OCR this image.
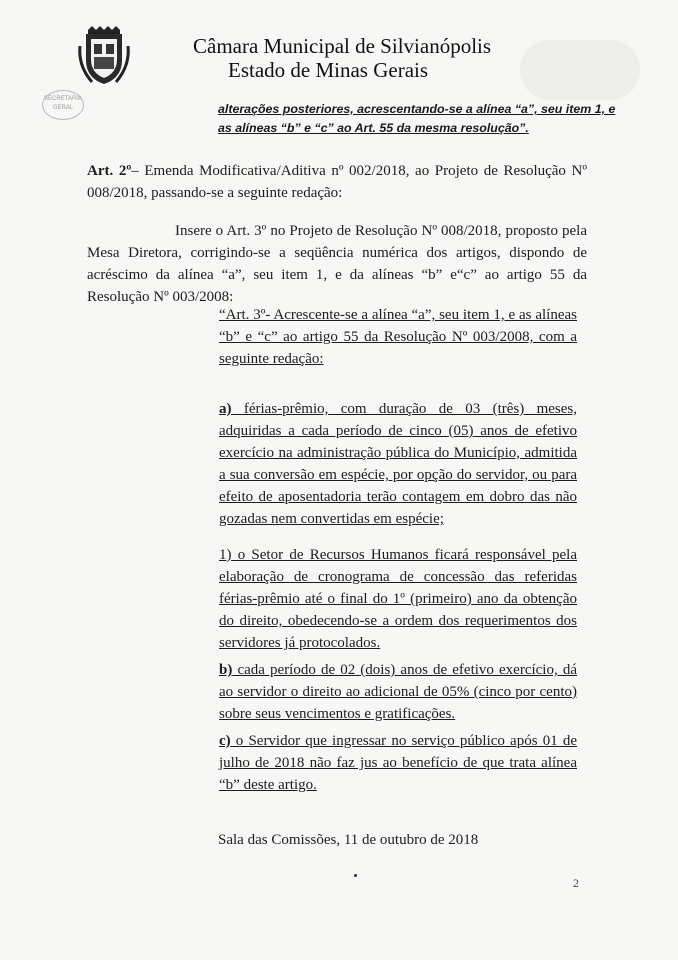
SECRETARIA GERAL
Câmara Municipal de Silvianópolis
Estado de Minas Gerais
alterações posteriores, acrescentando-se a alínea “a”, seu item 1, e as alíneas “b” e “c” ao Art. 55 da mesma resolução”.
Art. 2º– Emenda Modificativa/Aditiva nº 002/2018, ao Projeto de Resolução Nº 008/2018, passando-se a seguinte redação:
Insere o Art. 3º no Projeto de Resolução Nº 008/2018, proposto pela Mesa Diretora, corrigindo-se a seqüência numérica dos artigos, dispondo de acréscimo da alínea “a”, seu item 1, e da alíneas “b” e“c” ao artigo 55 da Resolução Nº 003/2008:
“Art. 3º- Acrescente-se a alínea “a”, seu item 1, e as alíneas “b” e “c” ao artigo 55 da Resolução Nº 003/2008, com a seguinte redação:
a) férias-prêmio, com duração de 03 (três) meses, adquiridas a cada período de cinco (05) anos de efetivo exercício na administração pública do Município, admitida a sua conversão em espécie, por opção do servidor, ou para efeito de aposentadoria terão contagem em dobro das não gozadas nem convertidas em espécie;
1) o Setor de Recursos Humanos ficará responsável pela elaboração de cronograma de concessão das referidas férias-prêmio até o final do 1º (primeiro) ano da obtenção do direito, obedecendo-se a ordem dos requerimentos dos servidores já protocolados.
b) cada período de 02 (dois) anos de efetivo exercício, dá ao servidor o direito ao adicional de 05% (cinco por cento) sobre seus vencimentos e gratificações.
c) o Servidor que ingressar no serviço público após 01 de julho de 2018 não faz jus ao benefício de que trata alínea “b” deste artigo.
Sala das Comissões, 11 de outubro de 2018
2
